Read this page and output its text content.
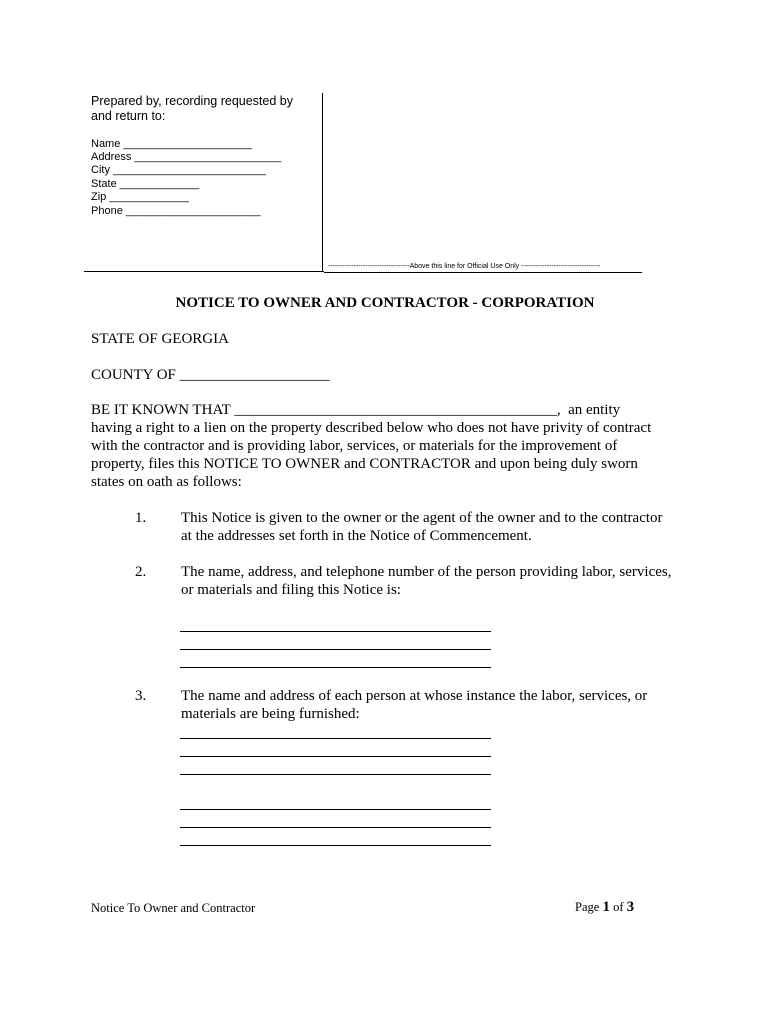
Prepared by, recording requested by
and return to:
Name _____________________
Address ________________________
City _________________________
State _____________
Zip _____________
Phone ______________________
-----------------------------------Above this line for Official Use Only ----------------------------------
NOTICE TO OWNER AND CONTRACTOR - CORPORATION
STATE OF GEORGIA
COUNTY OF ____________________
BE IT KNOWN THAT ___________________________________________,  an entity
having a right to a lien on the property described below who does not have privity of contract
with the contractor and is providing labor, services, or materials for the improvement of
property, files this NOTICE TO OWNER and CONTRACTOR and upon being duly sworn
states on oath as follows:
1. This Notice is given to the owner or the agent of the owner and to the contractor
at the addresses set forth in the Notice of Commencement.
2. The name, address, and telephone number of the person providing labor, services,
or materials and filing this Notice is:
3. The name and address of each person at whose instance the labor, services, or
materials are being furnished:
Notice To Owner and Contractor	Page 1 of 3
